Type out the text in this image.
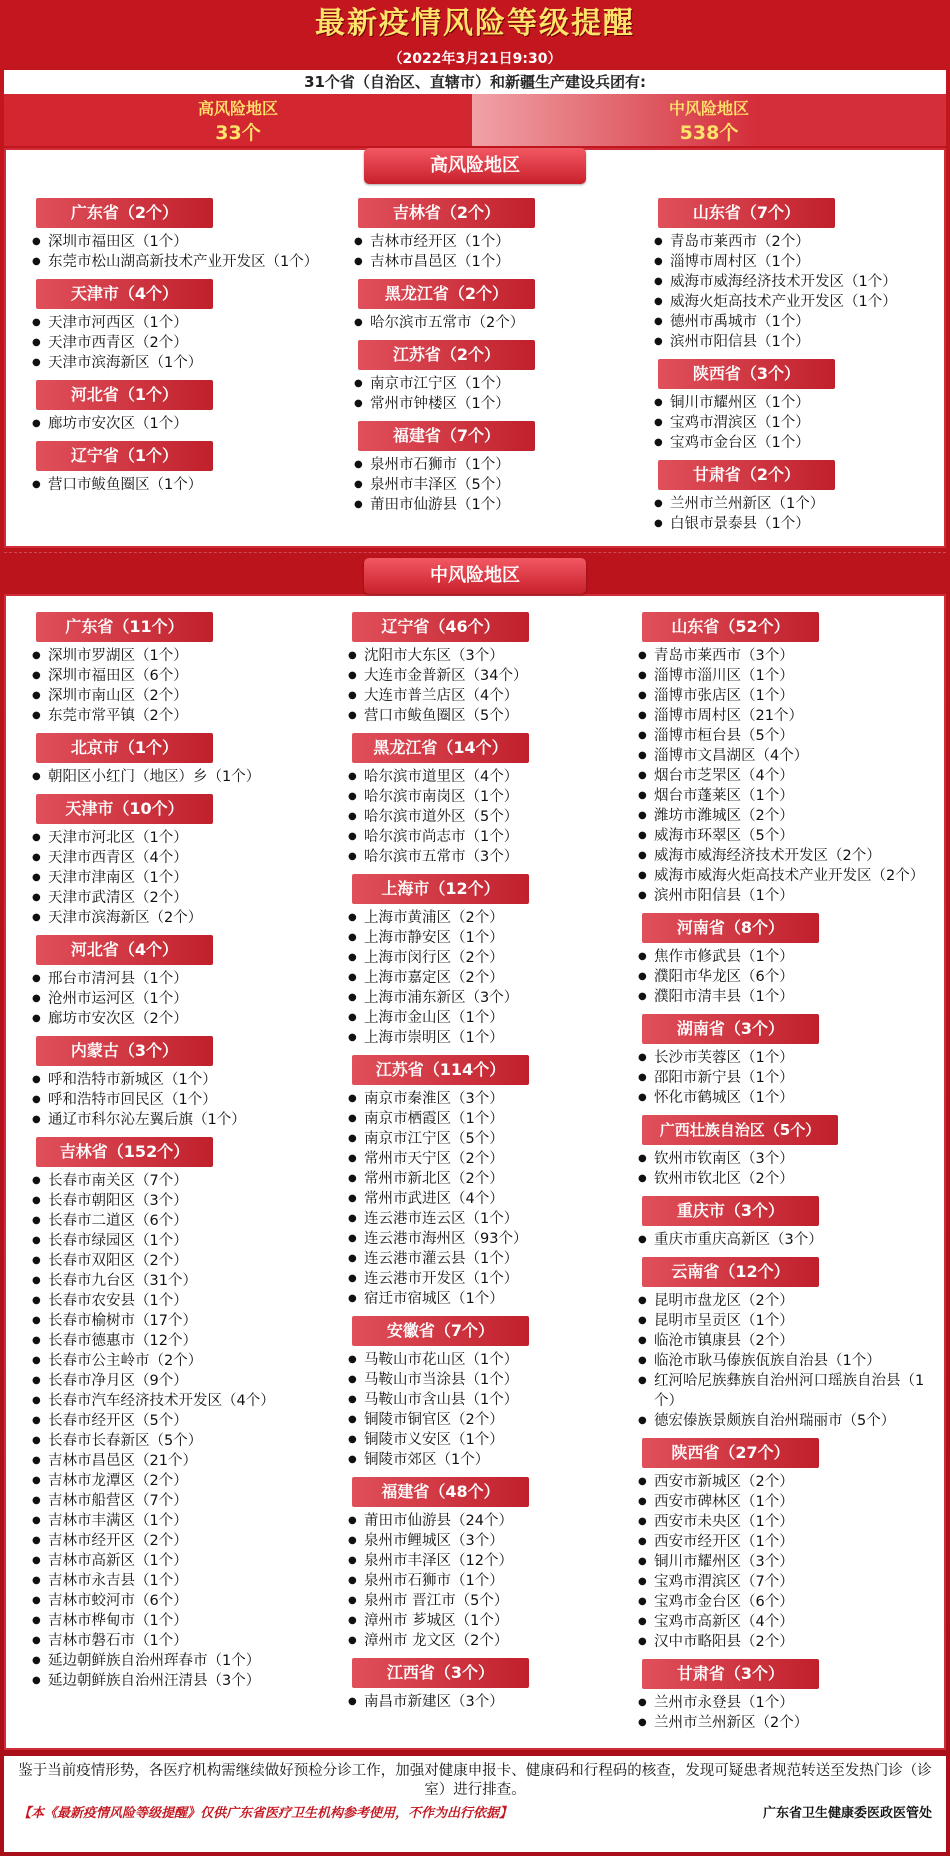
最新疫情风险等级提醒
（2022年3月21日9:30）
31个省（自治区、直辖市）和新疆生产建设兵团有:
高风险地区
33个
中风险地区
538个
高风险地区
中风险地区
广东省（2个）
● 深圳市福田区（1个）
● 东莞市松山湖高新技术产业开发区（1个）
天津市（4个）
● 天津市河西区（1个）
● 天津市西青区（2个）
● 天津市滨海新区（1个）
河北省（1个）
● 廊坊市安次区（1个）
辽宁省（1个）
● 营口市鲅鱼圈区（1个）
吉林省（2个）
● 吉林市经开区（1个）
● 吉林市昌邑区（1个）
黑龙江省（2个）
● 哈尔滨市五常市（2个）
江苏省（2个）
● 南京市江宁区（1个）
● 常州市钟楼区（1个）
福建省（7个）
● 泉州市石狮市（1个）
● 泉州市丰泽区（5个）
● 莆田市仙游县（1个）
山东省（7个）
● 青岛市莱西市（2个）
● 淄博市周村区（1个）
● 威海市威海经济技术开发区（1个）
● 威海火炬高技术产业开发区（1个）
● 德州市禹城市（1个）
● 滨州市阳信县（1个）
陕西省（3个）
● 铜川市耀州区（1个）
● 宝鸡市渭滨区（1个）
● 宝鸡市金台区（1个）
甘肃省（2个）
● 兰州市兰州新区（1个）
● 白银市景泰县（1个）
广东省（11个）
● 深圳市罗湖区（1个）
● 深圳市福田区（6个）
● 深圳市南山区（2个）
● 东莞市常平镇（2个）
北京市（1个）
● 朝阳区小红门（地区）乡（1个）
天津市（10个）
● 天津市河北区（1个）
● 天津市西青区（4个）
● 天津市津南区（1个）
● 天津市武清区（2个）
● 天津市滨海新区（2个）
河北省（4个）
● 邢台市清河县（1个）
● 沧州市运河区（1个）
● 廊坊市安次区（2个）
内蒙古（3个）
● 呼和浩特市新城区（1个）
● 呼和浩特市回民区（1个）
● 通辽市科尔沁左翼后旗（1个）
吉林省（152个）
● 长春市南关区（7个）
● 长春市朝阳区（3个）
● 长春市二道区（6个）
● 长春市绿园区（1个）
● 长春市双阳区（2个）
● 长春市九台区（31个）
● 长春市农安县（1个）
● 长春市榆树市（17个）
● 长春市德惠市（12个）
● 长春市公主岭市（2个）
● 长春市净月区（9个）
● 长春市汽车经济技术开发区（4个）
● 长春市经开区（5个）
● 长春市长春新区（5个）
● 吉林市昌邑区（21个）
● 吉林市龙潭区（2个）
● 吉林市船营区（7个）
● 吉林市丰满区（1个）
● 吉林市经开区（2个）
● 吉林市高新区（1个）
● 吉林市永吉县（1个）
● 吉林市蛟河市（6个）
● 吉林市桦甸市（1个）
● 吉林市磐石市（1个）
● 延边朝鲜族自治州珲春市（1个）
● 延边朝鲜族自治州汪清县（3个）
辽宁省（46个）
● 沈阳市大东区（3个）
● 大连市金普新区（34个）
● 大连市普兰店区（4个）
● 营口市鲅鱼圈区（5个）
黑龙江省（14个）
● 哈尔滨市道里区（4个）
● 哈尔滨市南岗区（1个）
● 哈尔滨市道外区（5个）
● 哈尔滨市尚志市（1个）
● 哈尔滨市五常市（3个）
上海市（12个）
● 上海市黄浦区（2个）
● 上海市静安区（1个）
● 上海市闵行区（2个）
● 上海市嘉定区（2个）
● 上海市浦东新区（3个）
● 上海市金山区（1个）
● 上海市崇明区（1个）
江苏省（114个）
● 南京市秦淮区（3个）
● 南京市栖霞区（1个）
● 南京市江宁区（5个）
● 常州市天宁区（2个）
● 常州市新北区（2个）
● 常州市武进区（4个）
● 连云港市连云区（1个）
● 连云港市海州区（93个）
● 连云港市灌云县（1个）
● 连云港市开发区（1个）
● 宿迁市宿城区（1个）
安徽省（7个）
● 马鞍山市花山区（1个）
● 马鞍山市当涂县（1个）
● 马鞍山市含山县（1个）
● 铜陵市铜官区（2个）
● 铜陵市义安区（1个）
● 铜陵市郊区（1个）
福建省（48个）
● 莆田市仙游县（24个）
● 泉州市鲤城区（3个）
● 泉州市丰泽区（12个）
● 泉州市石狮市（1个）
● 泉州市 晋江市（5个）
● 漳州市 芗城区（1个）
● 漳州市 龙文区（2个）
江西省（3个）
● 南昌市新建区（3个）
山东省（52个）
● 青岛市莱西市（3个）
● 淄博市淄川区（1个）
● 淄博市张店区（1个）
● 淄博市周村区（21个）
● 淄博市桓台县（5个）
● 淄博市文昌湖区（4个）
● 烟台市芝罘区（4个）
● 烟台市蓬莱区（1个）
● 潍坊市潍城区（2个）
● 威海市环翠区（5个）
● 威海市威海经济技术开发区（2个）
● 威海市威海火炬高技术产业开发区（2个）
● 滨州市阳信县（1个）
河南省（8个）
● 焦作市修武县（1个）
● 濮阳市华龙区（6个）
● 濮阳市清丰县（1个）
湖南省（3个）
● 长沙市芙蓉区（1个）
● 邵阳市新宁县（1个）
● 怀化市鹤城区（1个）
广西壮族自治区（5个）
● 钦州市钦南区（3个）
● 钦州市钦北区（2个）
重庆市（3个）
● 重庆市重庆高新区（3个）
云南省（12个）
● 昆明市盘龙区（2个）
● 昆明市呈贡区（1个）
● 临沧市镇康县（2个）
● 临沧市耿马傣族佤族自治县（1个）
● 红河哈尼族彝族自治州河口瑶族自治县（1个）
● 德宏傣族景颇族自治州瑞丽市（5个）
陕西省（27个）
● 西安市新城区（2个）
● 西安市碑林区（1个）
● 西安市未央区（1个）
● 西安市经开区（1个）
● 铜川市耀州区（3个）
● 宝鸡市渭滨区（7个）
● 宝鸡市金台区（6个）
● 宝鸡市高新区（4个）
● 汉中市略阳县（2个）
甘肃省（3个）
● 兰州市永登县（1个）
● 兰州市兰州新区（2个）
鉴于当前疫情形势，各医疗机构需继续做好预检分诊工作，加强对健康申报卡、健康码和行程码的核查，发现可疑患者规范转送至发热门诊（诊室）进行排查。
【本《最新疫情风险等级提醒》仅供广东省医疗卫生机构参考使用，不作为出行依据】	广东省卫生健康委医政医管处
